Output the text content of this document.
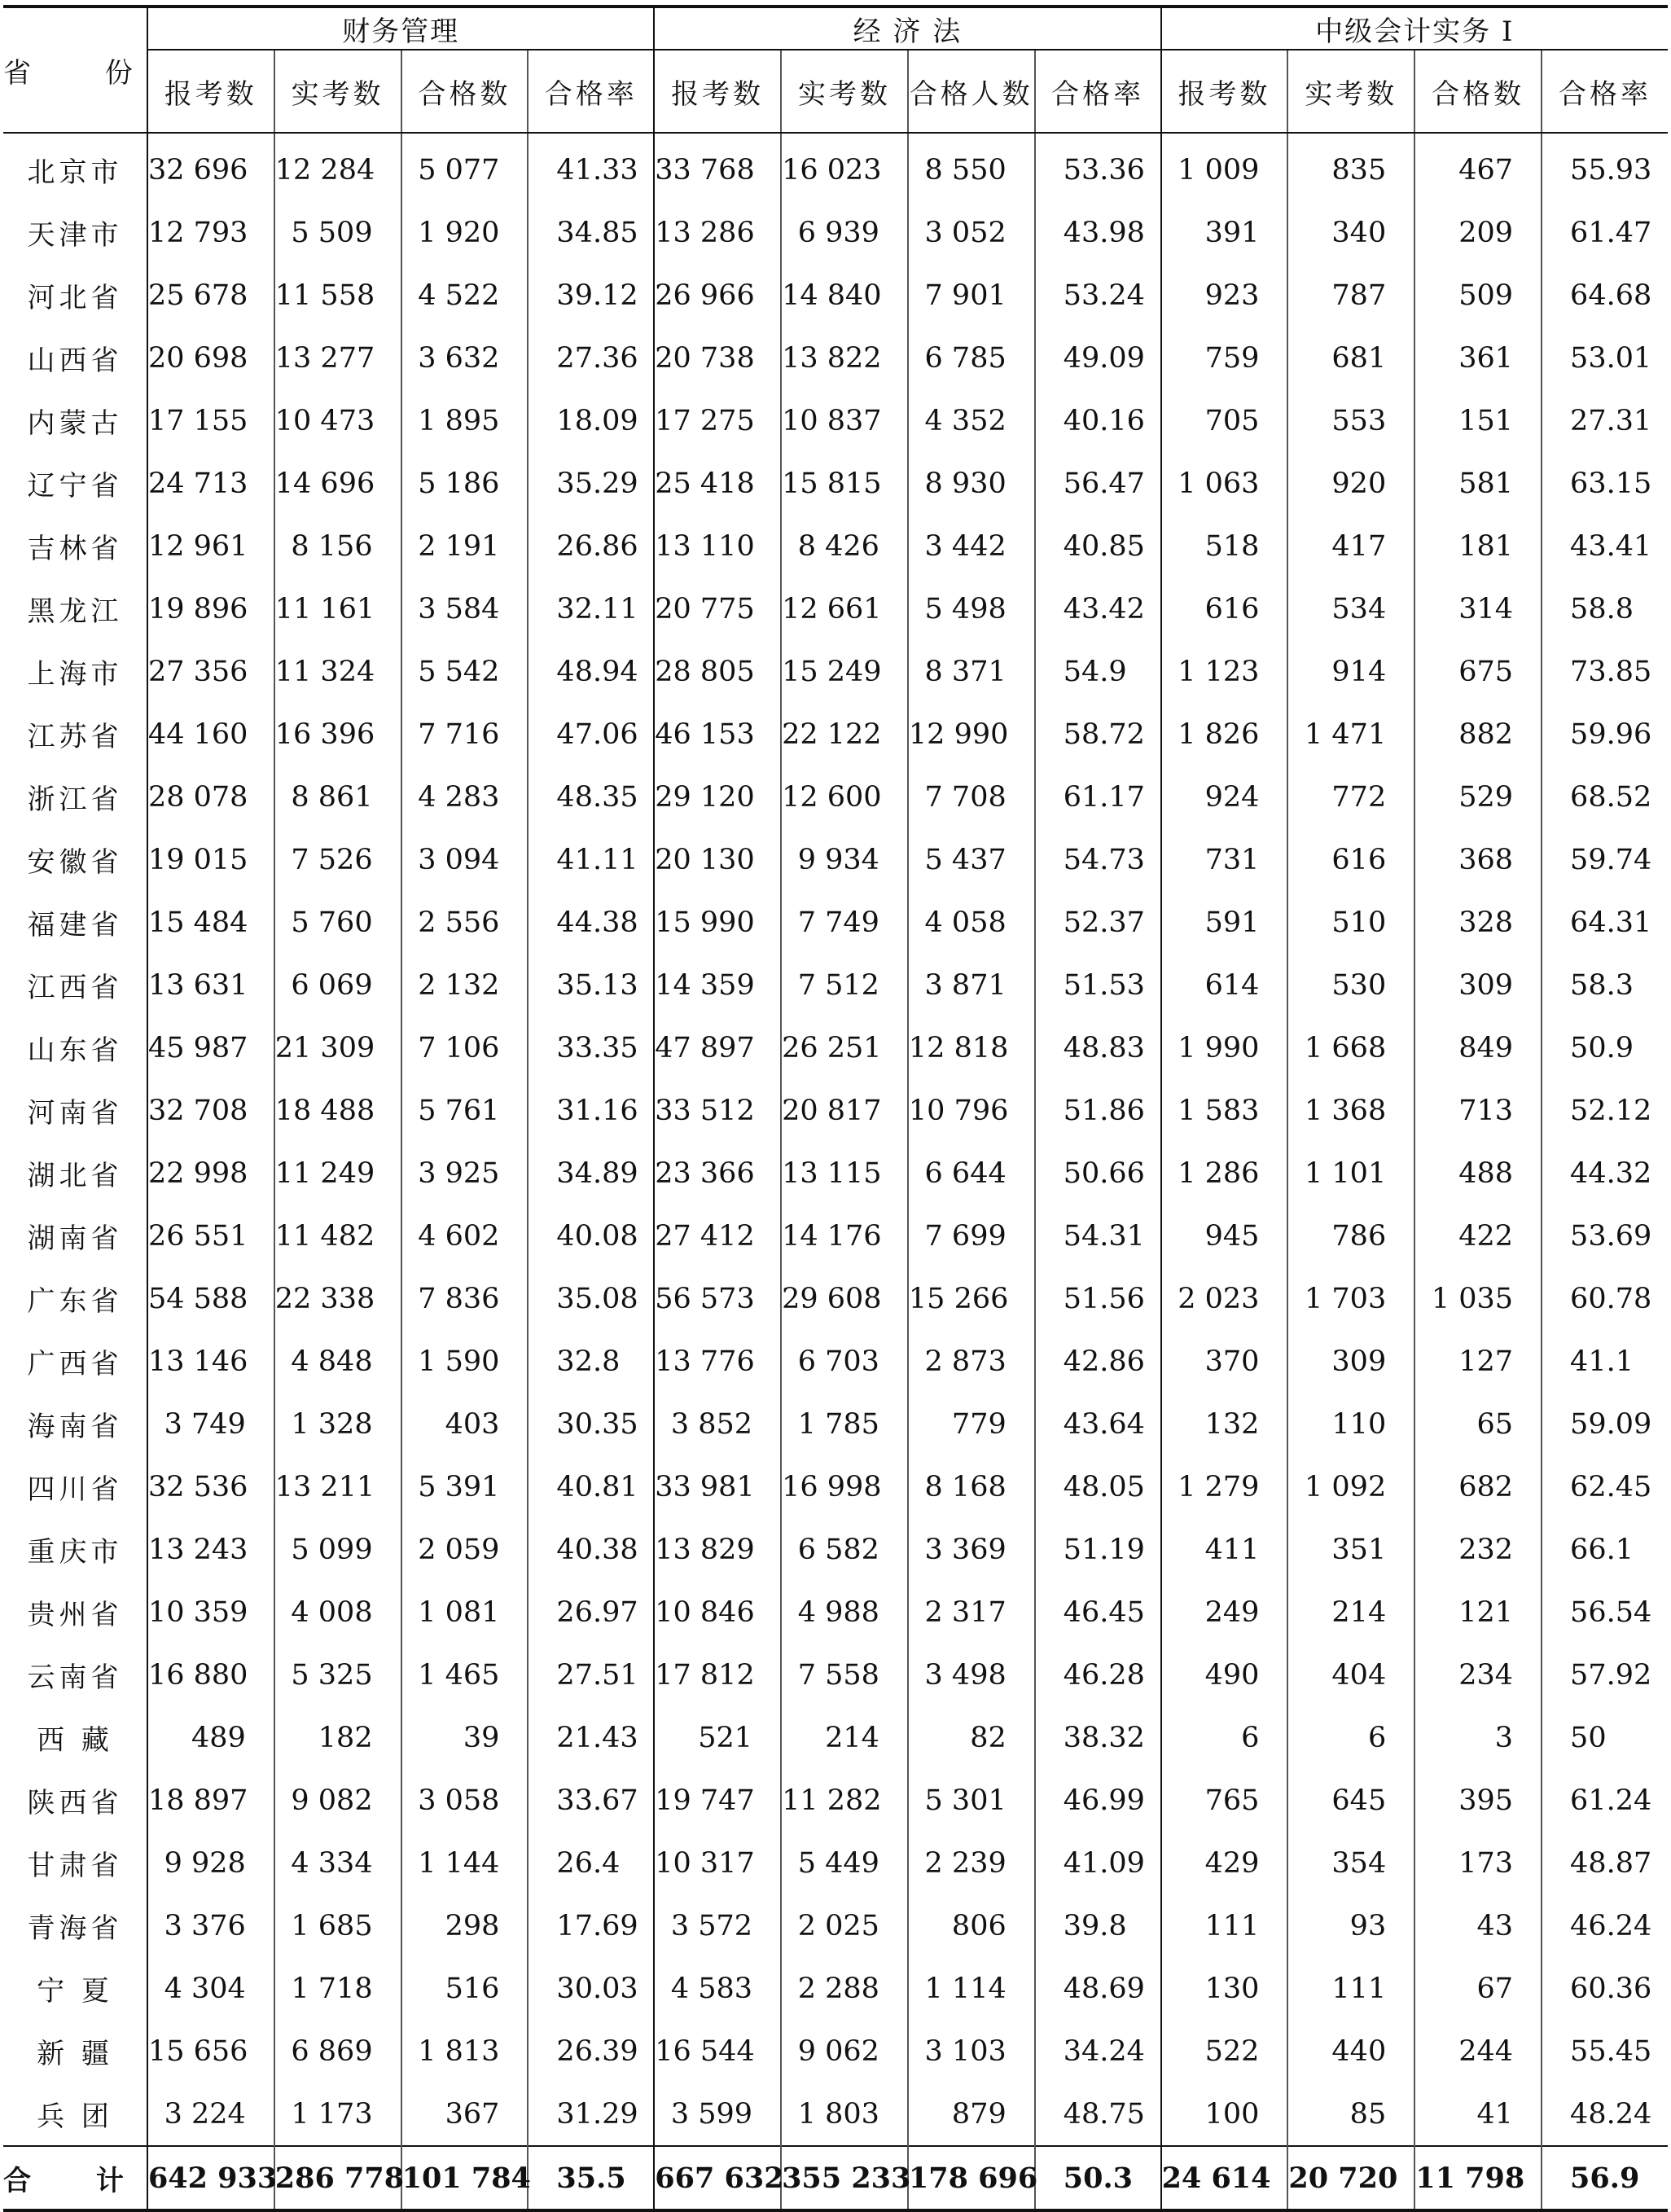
省 份	财务管理				经 济 法				中级会计实务 I			
	报考数	实考数	合格数	合格率	报考数	实考数	合格人数	合格率	报考数	实考数	合格数	合格率
北京市	32 696	12 284	5 077	41.33	33 768	16 023	8 550	53.36	1 009	835	467	55.93
天津市	12 793	5 509	1 920	34.85	13 286	6 939	3 052	43.98	391	340	209	61.47
河北省	25 678	11 558	4 522	39.12	26 966	14 840	7 901	53.24	923	787	509	64.68
山西省	20 698	13 277	3 632	27.36	20 738	13 822	6 785	49.09	759	681	361	53.01
内蒙古	17 155	10 473	1 895	18.09	17 275	10 837	4 352	40.16	705	553	151	27.31
辽宁省	24 713	14 696	5 186	35.29	25 418	15 815	8 930	56.47	1 063	920	581	63.15
吉林省	12 961	8 156	2 191	26.86	13 110	8 426	3 442	40.85	518	417	181	43.41
黑龙江	19 896	11 161	3 584	32.11	20 775	12 661	5 498	43.42	616	534	314	58.8
上海市	27 356	11 324	5 542	48.94	28 805	15 249	8 371	54.9	1 123	914	675	73.85
江苏省	44 160	16 396	7 716	47.06	46 153	22 122	12 990	58.72	1 826	1 471	882	59.96
浙江省	28 078	8 861	4 283	48.35	29 120	12 600	7 708	61.17	924	772	529	68.52
安徽省	19 015	7 526	3 094	41.11	20 130	9 934	5 437	54.73	731	616	368	59.74
福建省	15 484	5 760	2 556	44.38	15 990	7 749	4 058	52.37	591	510	328	64.31
江西省	13 631	6 069	2 132	35.13	14 359	7 512	3 871	51.53	614	530	309	58.3
山东省	45 987	21 309	7 106	33.35	47 897	26 251	12 818	48.83	1 990	1 668	849	50.9
河南省	32 708	18 488	5 761	31.16	33 512	20 817	10 796	51.86	1 583	1 368	713	52.12
湖北省	22 998	11 249	3 925	34.89	23 366	13 115	6 644	50.66	1 286	1 101	488	44.32
湖南省	26 551	11 482	4 602	40.08	27 412	14 176	7 699	54.31	945	786	422	53.69
广东省	54 588	22 338	7 836	35.08	56 573	29 608	15 266	51.56	2 023	1 703	1 035	60.78
广西省	13 146	4 848	1 590	32.8	13 776	6 703	2 873	42.86	370	309	127	41.1
海南省	3 749	1 328	403	30.35	3 852	1 785	779	43.64	132	110	65	59.09
四川省	32 536	13 211	5 391	40.81	33 981	16 998	8 168	48.05	1 279	1 092	682	62.45
重庆市	13 243	5 099	2 059	40.38	13 829	6 582	3 369	51.19	411	351	232	66.1
贵州省	10 359	4 008	1 081	26.97	10 846	4 988	2 317	46.45	249	214	121	56.54
云南省	16 880	5 325	1 465	27.51	17 812	7 558	3 498	46.28	490	404	234	57.92
西 藏	489	182	39	21.43	521	214	82	38.32	6	6	3	50
陕西省	18 897	9 082	3 058	33.67	19 747	11 282	5 301	46.99	765	645	395	61.24
甘肃省	9 928	4 334	1 144	26.4	10 317	5 449	2 239	41.09	429	354	173	48.87
青海省	3 376	1 685	298	17.69	3 572	2 025	806	39.8	111	93	43	46.24
宁 夏	4 304	1 718	516	30.03	4 583	2 288	1 114	48.69	130	111	67	60.36
新 疆	15 656	6 869	1 813	26.39	16 544	9 062	3 103	34.24	522	440	244	55.45
兵 团	3 224	1 173	367	31.29	3 599	1 803	879	48.75	100	85	41	48.24
合 计	642 933	286 778	101 784	35.5	667 632	355 233	178 696	50.3	24 614	20 720	11 798	56.9
